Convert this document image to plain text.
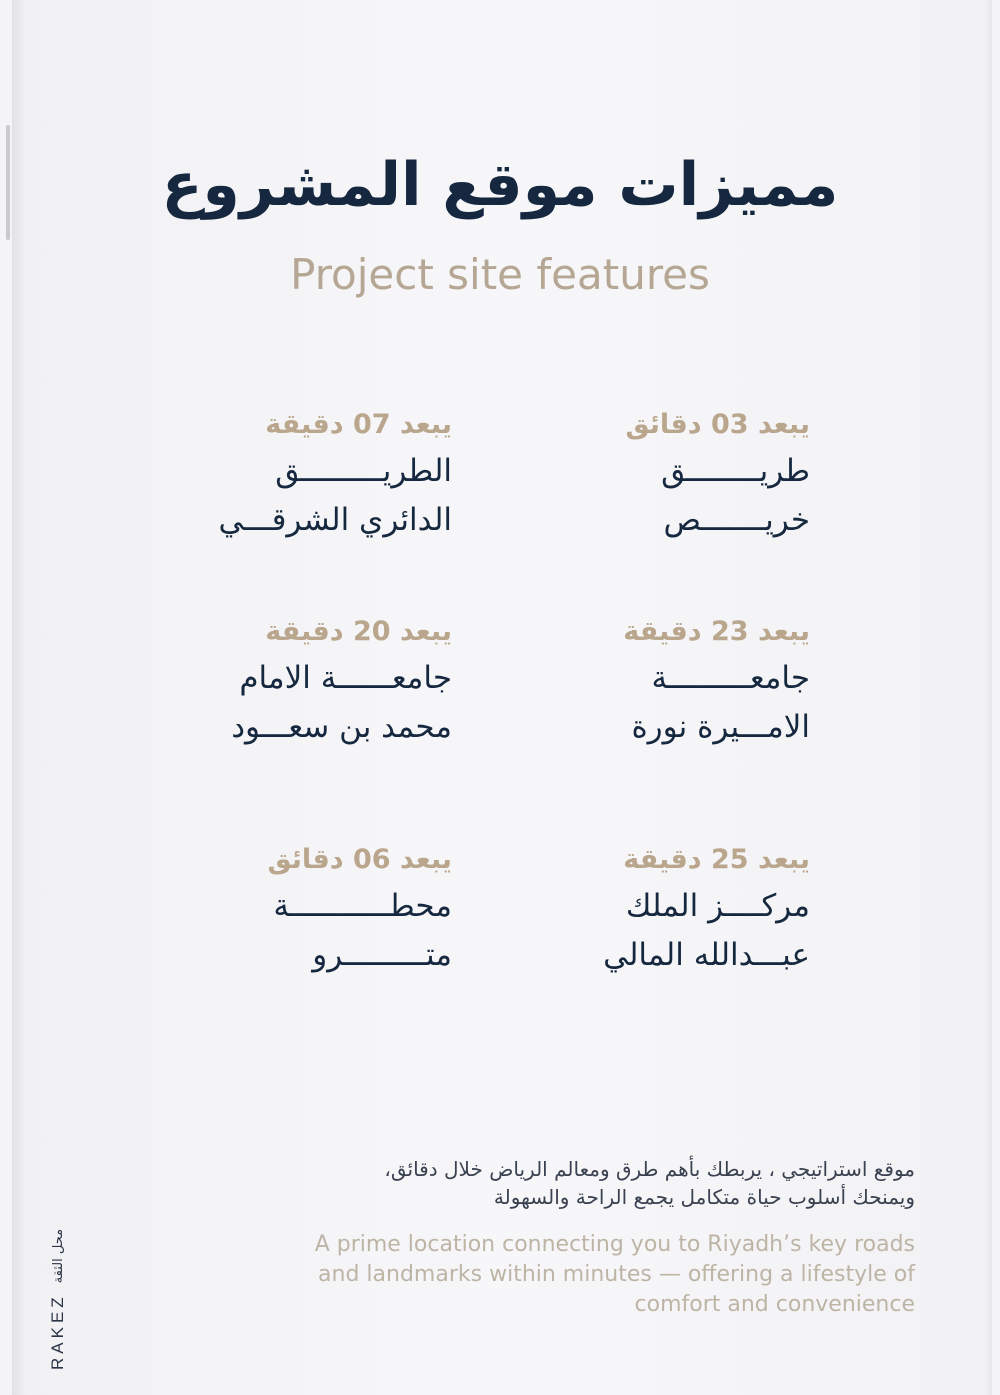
مميزات موقع المشروع
Project site features
يبعد 03 دقائق
طريــــــــق
خريـــــــص
يبعد 07 دقيقة
الطريـــــــــق
الدائري الشرقـــي
يبعد 23 دقيقة
جامعـــــــــة
الامـــيرة نورة
يبعد 20 دقيقة
جامعــــــة الامام
محمد بن سعـــود
يبعد 25 دقيقة
مركــــز الملك
عبـــدالله المالي
يبعد 06 دقائق
محطـــــــــــة
متـــــــــرو
موقع استراتيجي ، يربطك بأهم طرق ومعالم الرياض خلال دقائق،
ويمنحك أسلوب حياة متكامل يجمع الراحة والسهولة
A prime location connecting you to Riyadh’s key roads
and landmarks within minutes — offering a lifestyle of
comfort and convenience
RAKEZ
محل الثقة
